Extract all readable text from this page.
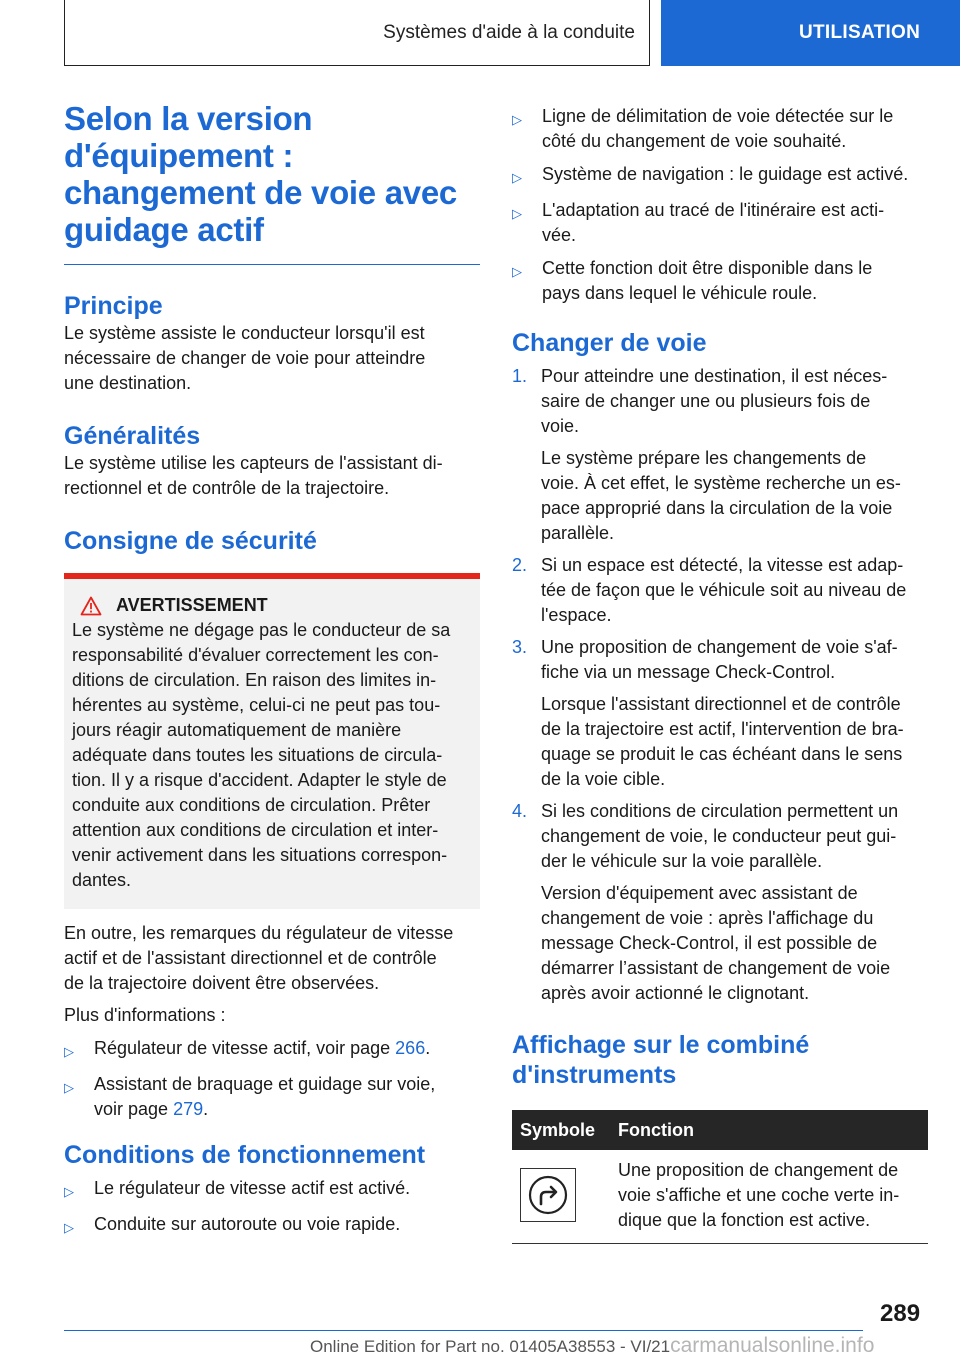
Systèmes d'aide à la conduite	UTILISATION
Selon la version
d'équipement :
changement de voie avec
guidage actif
Principe

Le système assiste le conducteur lorsqu'il est
nécessaire de changer de voie pour atteindre
une destination.

Généralités

Le système utilise les capteurs de l'assistant di-
rectionnel et de contrôle de la trajectoire.

Consigne de sécurité
AVERTISSEMENT

Le système ne dégage pas le conducteur de sa
responsabilité d'évaluer correctement les con-
ditions de circulation. En raison des limites in-
hérentes au système, celui-ci ne peut pas tou-
jours réagir automatiquement de manière
adéquate dans toutes les situations de circula-
tion. Il y a risque d'accident. Adapter le style de
conduite aux conditions de circulation. Prêter
attention aux conditions de circulation et inter-
venir activement dans les situations correspon-
dantes.

En outre, les remarques du régulateur de vitesse
actif et de l'assistant directionnel et de contrôle
de la trajectoire doivent être observées.

Plus d'informations :

▷	Régulateur de vitesse actif, voir page 266.
▷	Assistant de braquage et guidage sur voie,
voir page 279.
Conditions de fonctionnement
▷	Le régulateur de vitesse actif est activé.
▷	Conduite sur autoroute ou voie rapide.
▷	Ligne de délimitation de voie détectée sur le
côté du changement de voie souhaité.
▷	Système de navigation : le guidage est activé.
▷	L'adaptation au tracé de l'itinéraire est acti-
vée.
▷	Cette fonction doit être disponible dans le
pays dans lequel le véhicule roule.
Changer de voie
1. Pour atteindre une destination, il est néces-
saire de changer une ou plusieurs fois de
voie.
Le système prépare les changements de
voie. À cet effet, le système recherche un es-
pace approprié dans la circulation de la voie
parallèle.
2. Si un espace est détecté, la vitesse est adap-
tée de façon que le véhicule soit au niveau de
l'espace.
3. Une proposition de changement de voie s'af-
fiche via un message Check-Control.
Lorsque l'assistant directionnel et de contrôle
de la trajectoire est actif, l'intervention de bra-
quage se produit le cas échéant dans le sens
de la voie cible.
4. Si les conditions de circulation permettent un
changement de voie, le conducteur peut gui-
der le véhicule sur la voie parallèle.
Version d'équipement avec assistant de
changement de voie : après l'affichage du
message Check-Control, il est possible de
démarrer l’assistant de changement de voie
après avoir actionné le clignotant.
Affichage sur le combiné
d'instruments
Symbole	Fonction
Une proposition de changement de
voie s'affiche et une coche verte in-
dique que la fonction est active.
289
Online Edition for Part no. 01405A38553 - VI/21carmanualsonline.info
